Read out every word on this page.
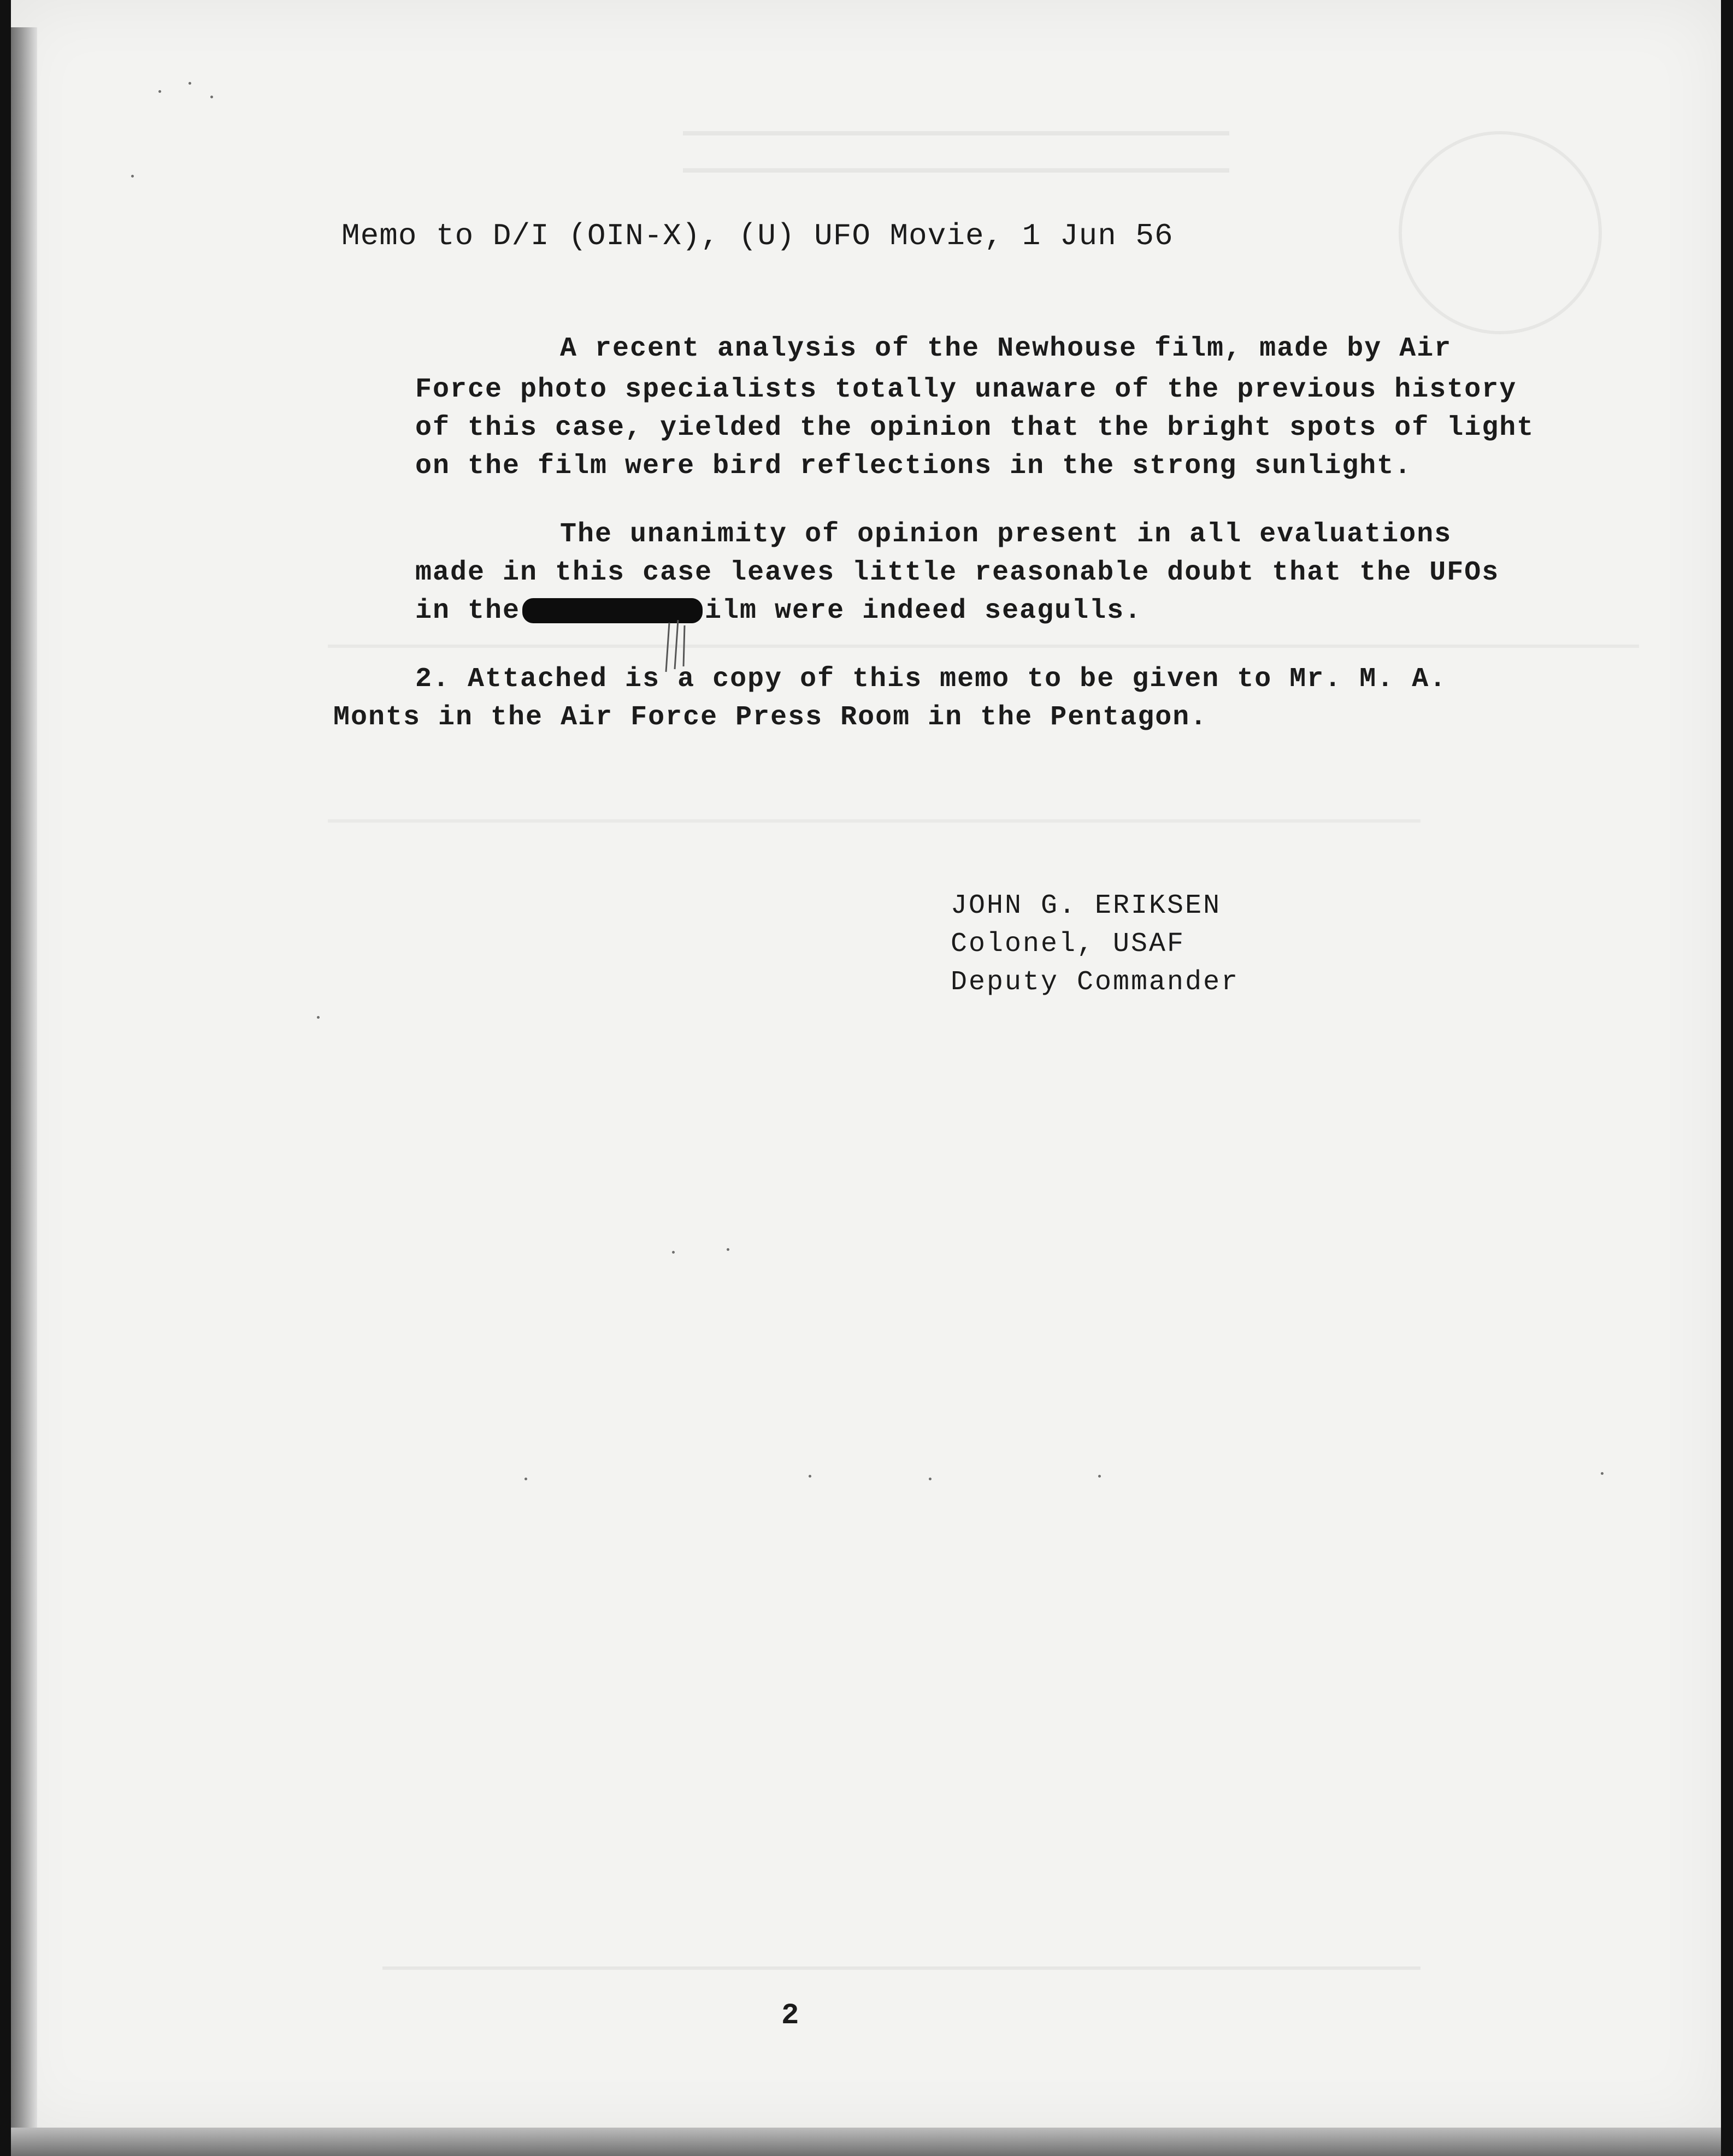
Memo to D/I (OIN-X), (U) UFO Movie, 1 Jun 56
A recent analysis of the Newhouse film, made by Air
Force photo specialists totally unaware of the previous history
of this case, yielded the opinion that the bright spots of light
on the film were bird reflections in the strong sunlight.
The unanimity of opinion present in all evaluations
made in this case leaves little reasonable doubt that the UFOs
in the	ilm were indeed seagulls.
2. Attached is a copy of this memo to be given to Mr. M. A.
Monts in the Air Force Press Room in the Pentagon.
JOHN G. ERIKSEN
Colonel, USAF
Deputy Commander
2
